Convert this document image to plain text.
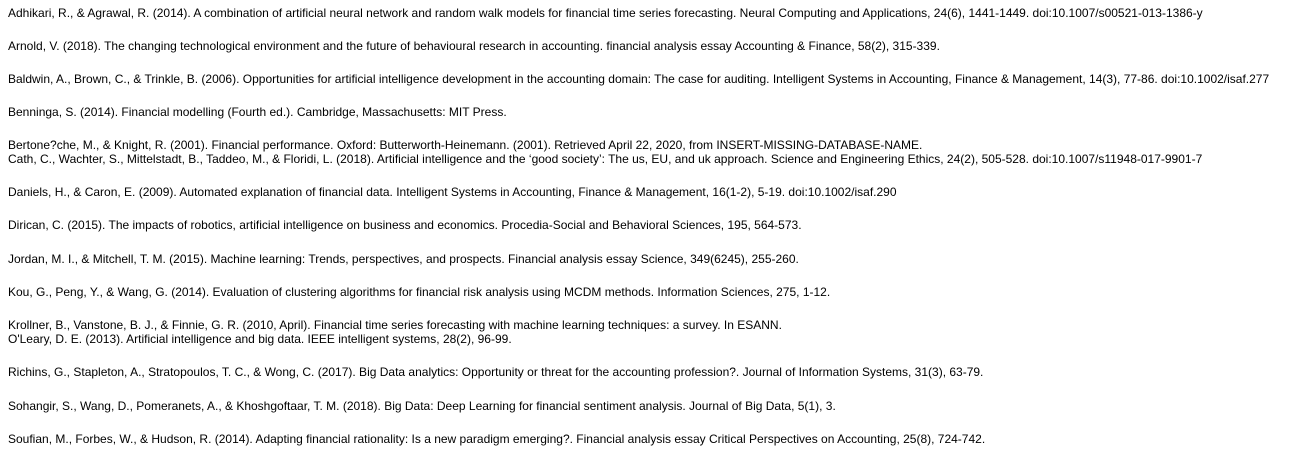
Adhikari, R., & Agrawal, R. (2014). A combination of artificial neural network and random walk models for financial time series forecasting. Neural Computing and Applications, 24(6), 1441-1449. doi:10.1007/s00521-013-1386-y

Arnold, V. (2018). The changing technological environment and the future of behavioural research in accounting. financial analysis essay Accounting & Finance, 58(2), 315-339.

Baldwin, A., Brown, C., & Trinkle, B. (2006). Opportunities for artificial intelligence development in the accounting domain: The case for auditing. Intelligent Systems in Accounting, Finance & Management, 14(3), 77-86. doi:10.1002/isaf.277

Benninga, S. (2014). Financial modelling (Fourth ed.). Cambridge, Massachusetts: MIT Press.

Bertone?che, M., & Knight, R. (2001). Financial performance. Oxford: Butterworth-Heinemann. (2001). Retrieved April 22, 2020, from INSERT-MISSING-DATABASE-NAME.

Cath, C., Wachter, S., Mittelstadt, B., Taddeo, M., & Floridi, L. (2018). Artificial intelligence and the ‘good society’: The us, EU, and uk approach. Science and Engineering Ethics, 24(2), 505-528. doi:10.1007/s11948-017-9901-7

Daniels, H., & Caron, E. (2009). Automated explanation of financial data. Intelligent Systems in Accounting, Finance & Management, 16(1-2), 5-19. doi:10.1002/isaf.290

Dirican, C. (2015). The impacts of robotics, artificial intelligence on business and economics. Procedia-Social and Behavioral Sciences, 195, 564-573.

Jordan, M. I., & Mitchell, T. M. (2015). Machine learning: Trends, perspectives, and prospects. Financial analysis essay Science, 349(6245), 255-260.

Kou, G., Peng, Y., & Wang, G. (2014). Evaluation of clustering algorithms for financial risk analysis using MCDM methods. Information Sciences, 275, 1-12.

Krollner, B., Vanstone, B. J., & Finnie, G. R. (2010, April). Financial time series forecasting with machine learning techniques: a survey. In ESANN.

O'Leary, D. E. (2013). Artificial intelligence and big data. IEEE intelligent systems, 28(2), 96-99.

Richins, G., Stapleton, A., Stratopoulos, T. C., & Wong, C. (2017). Big Data analytics: Opportunity or threat for the accounting profession?. Journal of Information Systems, 31(3), 63-79.

Sohangir, S., Wang, D., Pomeranets, A., & Khoshgoftaar, T. M. (2018). Big Data: Deep Learning for financial sentiment analysis. Journal of Big Data, 5(1), 3.

Soufian, M., Forbes, W., & Hudson, R. (2014). Adapting financial rationality: Is a new paradigm emerging?. Financial analysis essay Critical Perspectives on Accounting, 25(8), 724-742.
